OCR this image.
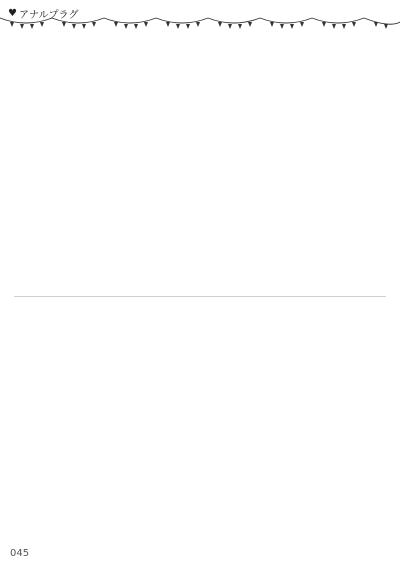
♥ アナルプラグ
045
